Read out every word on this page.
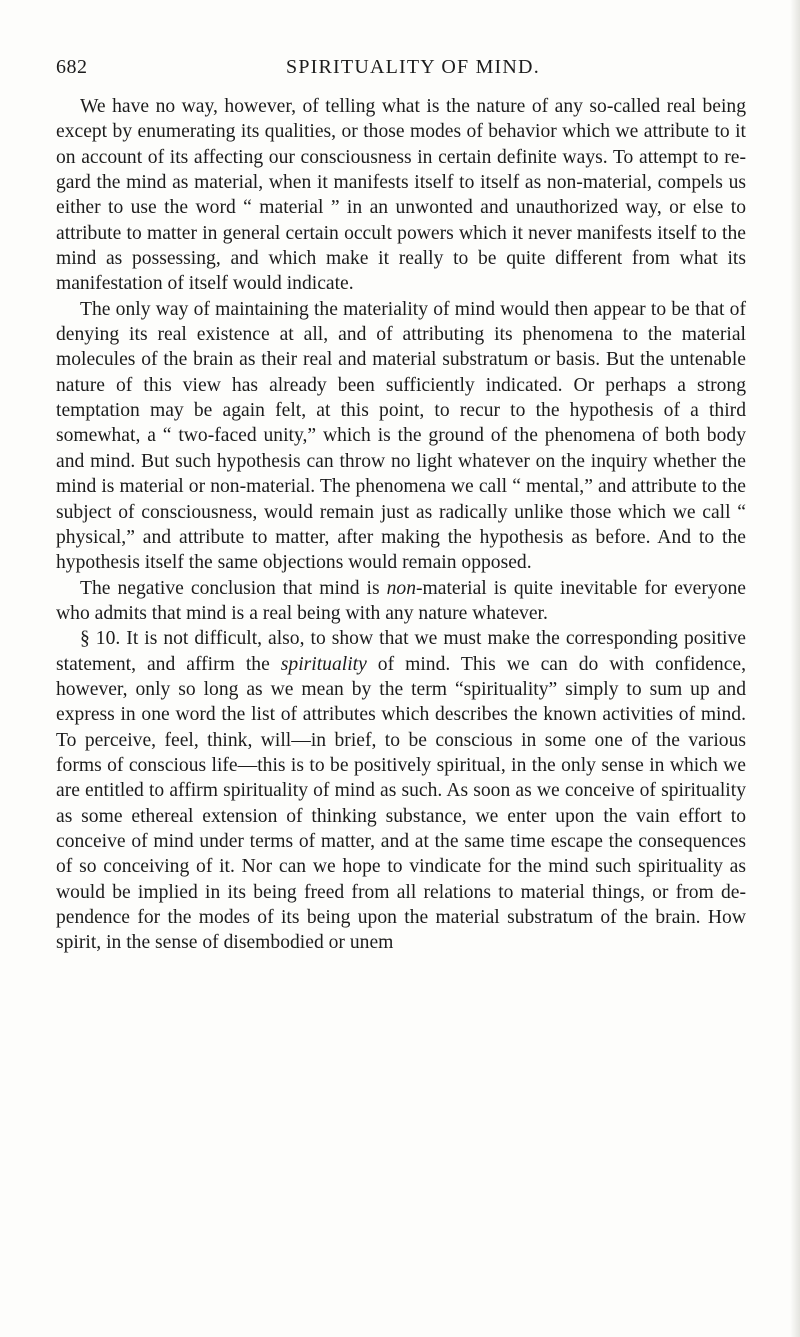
682	SPIRITUALITY OF MIND.

We have no way, however, of telling what is the nature of any so-called real being except by enumerating its qualities, or those modes of behavior which we attribute to it on account of its affecting our consciousness in certain definite ways. To attempt to regard the mind as material, when it manifests itself to itself as non-material, compels us either to use the word “ material ” in an unwonted and unauthorized way, or else to attribute to matter in general certain occult powers which it never manifests itself to the mind as possessing, and which make it really to be quite different from what its manifestation of itself would indicate.

The only way of maintaining the materiality of mind would then appear to be that of denying its real existence at all, and of attributing its phenomena to the material molecules of the brain as their real and material substratum or basis. But the untenable nature of this view has already been sufficiently indicated. Or perhaps a strong temptation may be again felt, at this point, to recur to the hypothesis of a third somewhat, a “ two-faced unity,” which is the ground of the phenomena of both body and mind. But such hypothesis can throw no light whatever on the inquiry whether the mind is material or non-material. The phenomena we call “ mental,” and attribute to the subject of consciousness, would remain just as radically unlike those which we call “ physical,” and attribute to matter, after making the hypothesis as before. And to the hypothesis itself the same objections would remain opposed.

The negative conclusion that mind is non-material is quite inevitable for everyone who admits that mind is a real being with any nature whatever.

§ 10. It is not difficult, also, to show that we must make the corresponding positive statement, and affirm the spirituality of mind. This we can do with confidence, however, only so long as we mean by the term “spirituality” simply to sum up and express in one word the list of attributes which describes the known activities of mind. To perceive, feel, think, will—in brief, to be conscious in some one of the various forms of conscious life—this is to be positively spiritual, in the only sense in which we are entitled to affirm spirituality of mind as such. As soon as we conceive of spirituality as some ethereal extension of thinking substance, we enter upon the vain effort to conceive of mind under terms of matter, and at the same time escape the consequences of so conceiving of it. Nor can we hope to vindicate for the mind such spirituality as would be implied in its being freed from all relations to material things, or from dependence for the modes of its being upon the material substratum of the brain. How spirit, in the sense of disembodied or unem
